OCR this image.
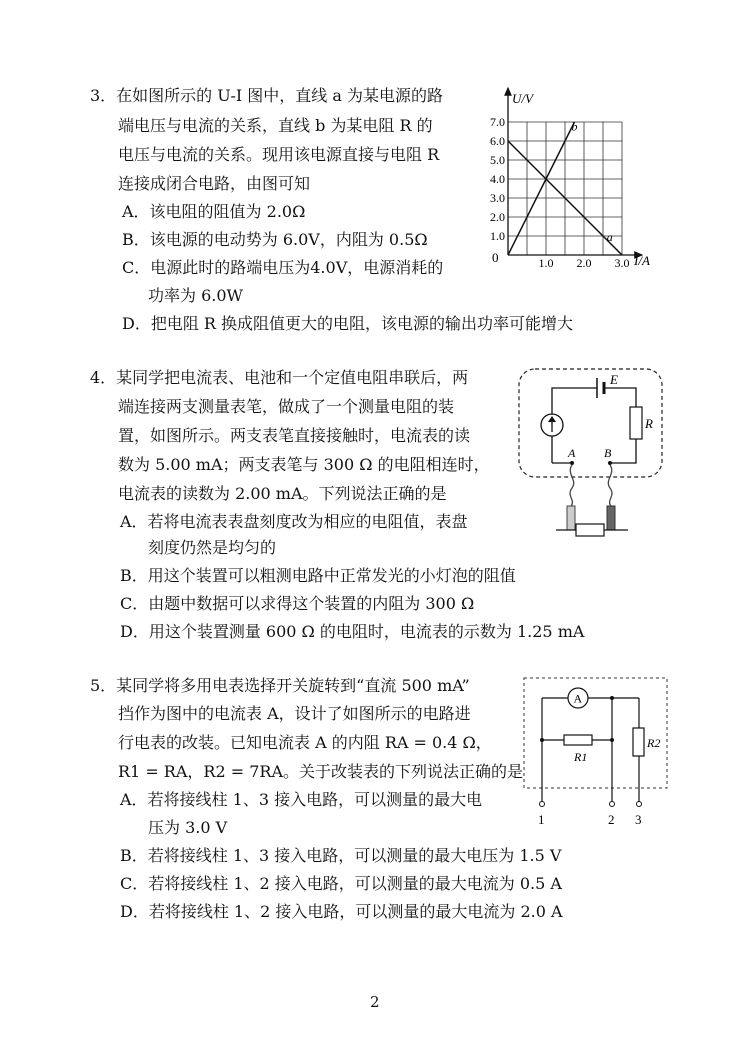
3．在如图所示的 U-I 图中，直线 a 为某电源的路
端电压与电流的关系，直线 b 为某电阻 R 的
电压与电流的关系。现用该电源直接与电阻 R
连接成闭合电路，由图可知
A．该电阻的阻值为 2.0Ω
B．该电源的电动势为 6.0V，内阻为 0.5Ω
C．电源此时的路端电压为4.0V，电源消耗的
功率为 6.0W
D．把电阻 R 换成阻值更大的电阻，该电源的输出功率可能增大
a
b
1.0 2.0 3.0
1.0
2.0
3.0
4.0
5.0
6.0
7.0
U/V
I/A
0
4．某同学把电流表、电池和一个定值电阻串联后，两
端连接两支测量表笔，做成了一个测量电阻的装
置，如图所示。两支表笔直接接触时，电流表的读
数为 5.00 mA；两支表笔与 300 Ω 的电阻相连时，
电流表的读数为 2.00 mA。下列说法正确的是
A．若将电流表表盘刻度改为相应的电阻值，表盘
刻度仍然是均匀的
B．用这个装置可以粗测电路中正常发光的小灯泡的阻值
C．由题中数据可以求得这个装置的内阻为 300 Ω
D．用这个装置测量 600 Ω 的电阻时，电流表的示数为 1.25 mA
E
R
A B
5．某同学将多用电表选择开关旋转到“直流 500 mA”
挡作为图中的电流表 A，设计了如图所示的电路进
行电表的改装。已知电流表 A 的内阻 RA = 0.4 Ω，
R1 = RA，R2 = 7RA。关于改装表的下列说法正确的是
A．若将接线柱 1、3 接入电路，可以测量的最大电
压为 3.0 V
B．若将接线柱 1、3 接入电路，可以测量的最大电压为 1.5 V
C．若将接线柱 1、2 接入电路，可以测量的最大电流为 0.5 A
D．若将接线柱 1、2 接入电路，可以测量的最大电流为 2.0 A
A
R1
R2
1	2 3
2
